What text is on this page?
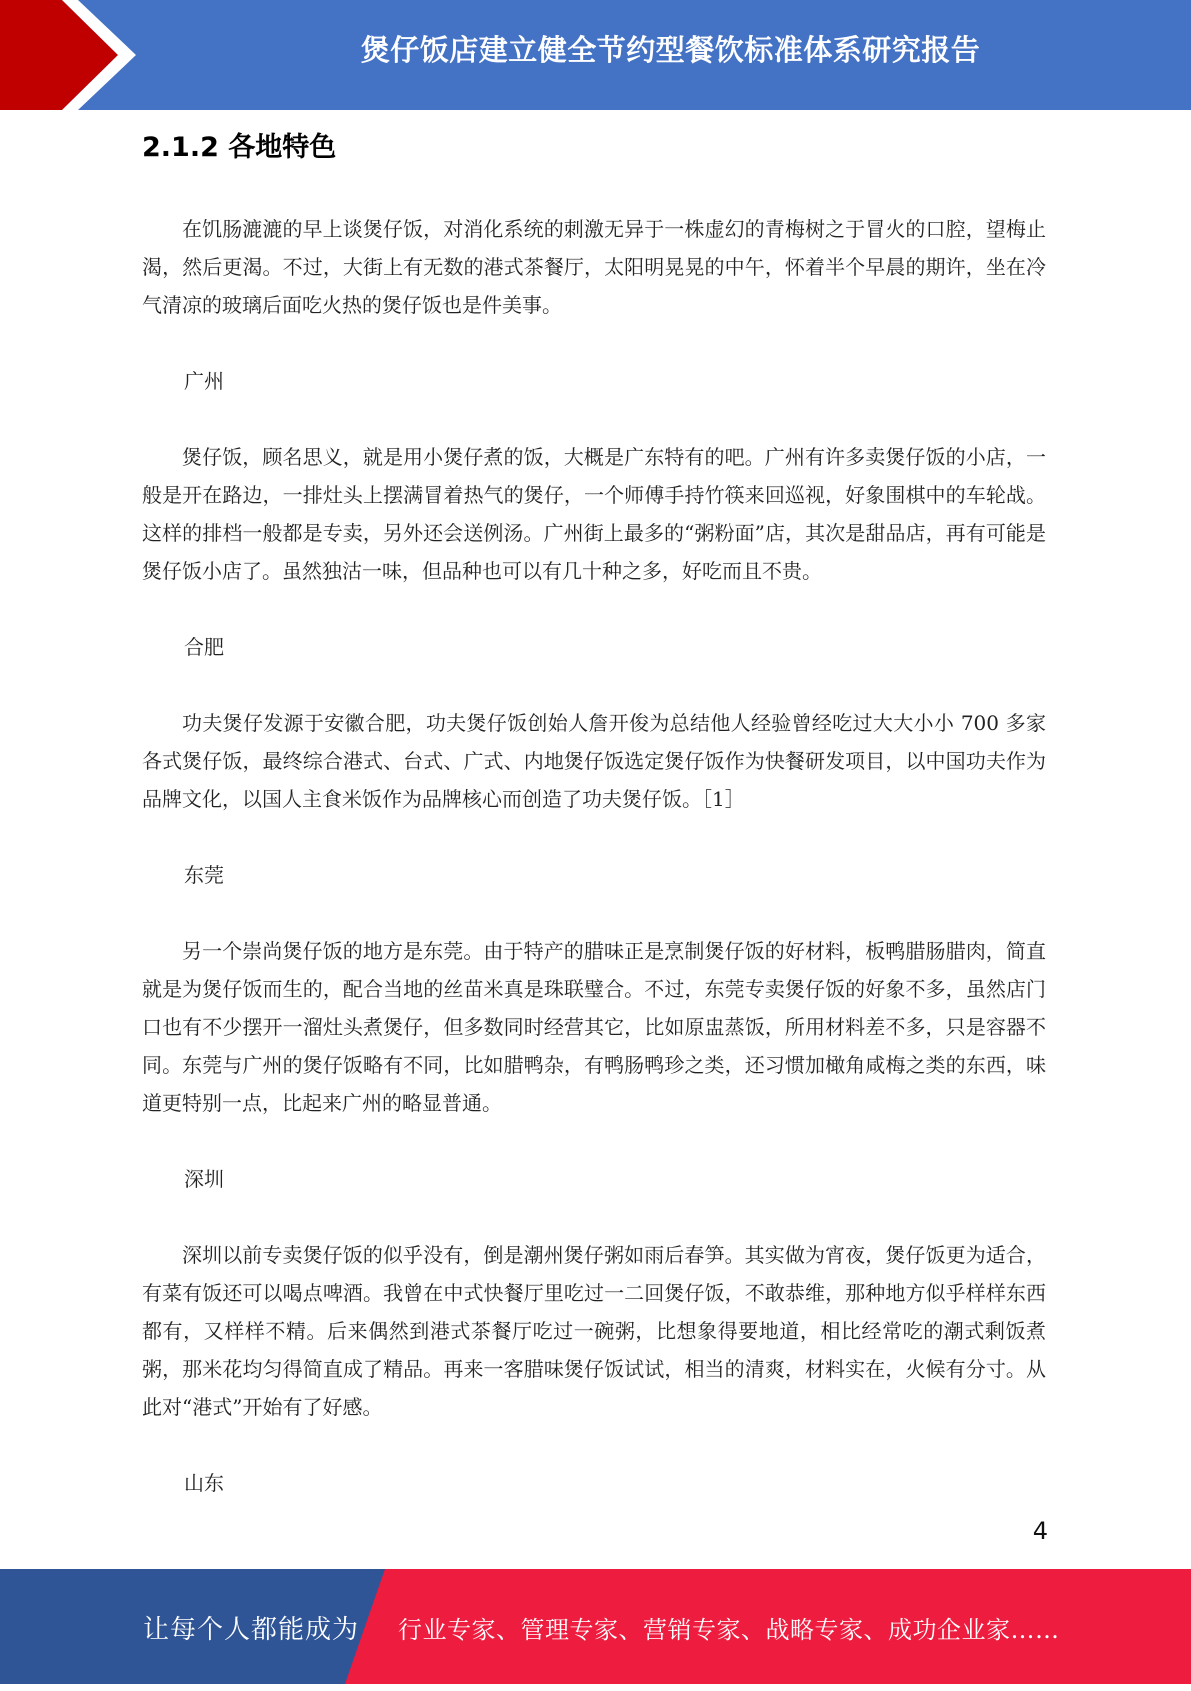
煲仔饭店建立健全节约型餐饮标准体系研究报告
2.1.2 各地特色

在饥肠漉漉的早上谈煲仔饭，对消化系统的刺激无异于一株虚幻的青梅树之于冒火的口腔，望梅止渴，然后更渴。不过，大街上有无数的港式茶餐厅，太阳明晃晃的中午，怀着半个早晨的期许，坐在冷气清凉的玻璃后面吃火热的煲仔饭也是件美事。

广州

煲仔饭，顾名思义，就是用小煲仔煮的饭，大概是广东特有的吧。广州有许多卖煲仔饭的小店，一般是开在路边，一排灶头上摆满冒着热气的煲仔，一个师傅手持竹筷来回巡视，好象围棋中的车轮战。这样的排档一般都是专卖，另外还会送例汤。广州街上最多的“粥粉面”店，其次是甜品店，再有可能是煲仔饭小店了。虽然独沽一味，但品种也可以有几十种之多，好吃而且不贵。

合肥

功夫煲仔发源于安徽合肥，功夫煲仔饭创始人詹开俊为总结他人经验曾经吃过大大小小 700 多家各式煲仔饭，最终综合港式、台式、广式、内地煲仔饭选定煲仔饭作为快餐研发项目，以中国功夫作为品牌文化，以国人主食米饭作为品牌核心而创造了功夫煲仔饭。［1］

东莞

另一个崇尚煲仔饭的地方是东莞。由于特产的腊味正是烹制煲仔饭的好材料，板鸭腊肠腊肉，简直就是为煲仔饭而生的，配合当地的丝苗米真是珠联璧合。不过，东莞专卖煲仔饭的好象不多，虽然店门口也有不少摆开一溜灶头煮煲仔，但多数同时经营其它，比如原盅蒸饭，所用材料差不多，只是容器不同。东莞与广州的煲仔饭略有不同，比如腊鸭杂，有鸭肠鸭珍之类，还习惯加橄角咸梅之类的东西，味道更特别一点，比起来广州的略显普通。

深圳

深圳以前专卖煲仔饭的似乎没有，倒是潮州煲仔粥如雨后春笋。其实做为宵夜，煲仔饭更为适合，有菜有饭还可以喝点啤酒。我曾在中式快餐厅里吃过一二回煲仔饭，不敢恭维，那种地方似乎样样东西都有，又样样不精。后来偶然到港式茶餐厅吃过一碗粥，比想象得要地道，相比经常吃的潮式剩饭煮粥，那米花均匀得简直成了精品。再来一客腊味煲仔饭试试，相当的清爽，材料实在，火候有分寸。从此对“港式”开始有了好感。

山东

4
让每个人都能成为 行业专家、管理专家、营销专家、战略专家、成功企业家……
